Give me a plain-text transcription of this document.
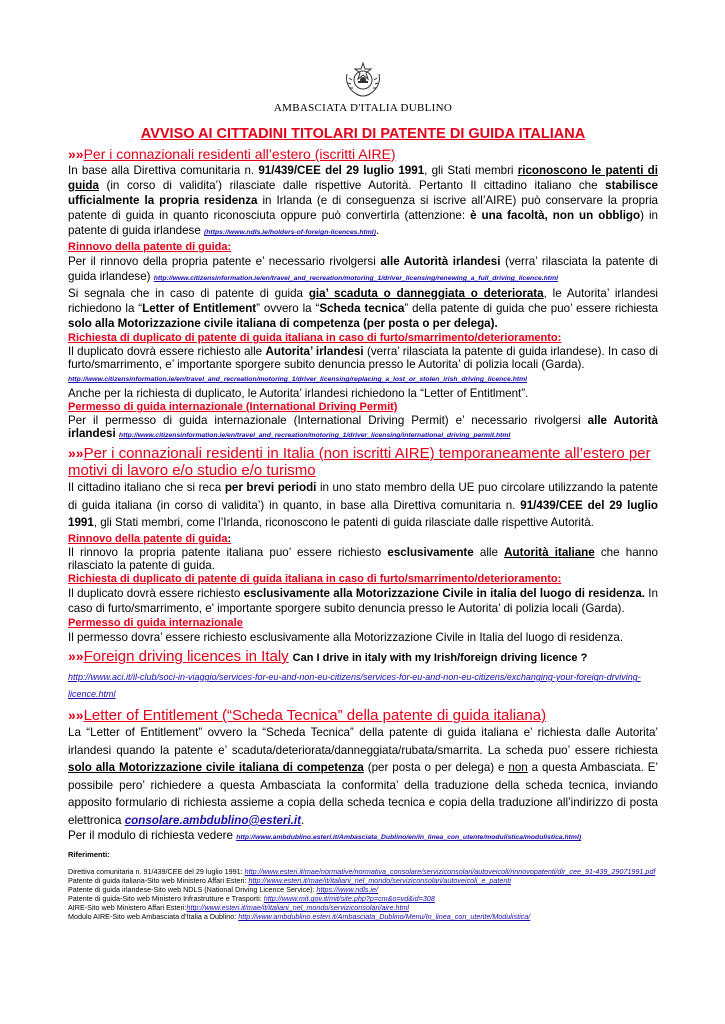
AMBASCIATA D'ITALIA DUBLINO
AVVISO AI CITTADINI TITOLARI DI PATENTE DI GUIDA ITALIANA
»»Per i connazionali residenti all’estero (iscritti AIRE)

In base alla Direttiva comunitaria n. 91/439/CEE del 29 luglio 1991, gli Stati membri riconoscono le patenti di guida (in corso di validita’) rilasciate dalle rispettive Autorità. Pertanto Il cittadino italiano che stabilisce ufficialmente la propria residenza in Irlanda (e di conseguenza si iscrive all’AIRE) può conservare la propria patente di guida in quanto riconosciuta oppure può convertirla (attenzione: è una facoltà, non un obbligo) in patente di guida irlandese (https://www.ndls.ie/holders-of-foreign-licences.html).

Rinnovo della patente di guida:

Per il rinnovo della propria patente e’ necessario rivolgersi alle Autorità irlandesi (verra’ rilasciata la patente di guida irlandese) http://www.citizensinformation.ie/en/travel_and_recreation/motoring_1/driver_licensing/renewing_a_full_driving_licence.html

Si segnala che in caso di patente di guida gia’ scaduta o danneggiata o deteriorata, le Autorita’ irlandesi richiedono la “Letter of Entitlement” ovvero la “Scheda tecnica” della patente di guida che puo’ essere richiesta solo alla Motorizzazione civile italiana di competenza (per posta o per delega).

Richiesta di duplicato di patente di guida italiana in caso di furto/smarrimento/deterioramento:

Il duplicato dovrà essere richiesto alle Autorita’ irlandesi (verra’ rilasciata la patente di guida irlandese). In caso di furto/smarrimento, e’ importante sporgere subito denuncia presso le Autorita’ di polizia locali (Garda).
http://www.citizensinformation.ie/en/travel_and_recreation/motoring_1/driver_licensing/replacing_a_lost_or_stolen_irish_driving_licence.html

Anche per la richiesta di duplicato, le Autorita’ irlandesi richiedono la “Letter of Entitlment”.

Permesso di guida internazionale (International Driving Permit)

Per il permesso di guida internazionale (International Driving Permit) e’ necessario rivolgersi alle Autorità irlandesi http://www.citizensinformation.ie/en/travel_and_recreation/motoring_1/driver_licensing/international_driving_permit.html

»»Per i connazionali residenti in Italia (non iscritti AIRE) temporaneamente all’estero per motivi di lavoro e/o studio e/o turismo

Il cittadino italiano che si reca per brevi periodi in uno stato membro della UE puo circolare utilizzando la patente di guida italiana (in corso di validita’) in quanto, in base alla Direttiva comunitaria n. 91/439/CEE del 29 luglio 1991, gli Stati membri, come l’Irlanda, riconoscono le patenti di guida rilasciate dalle rispettive Autorità.

Rinnovo della patente di guida:

Il rinnovo la propria patente italiana puo’ essere richiesto esclusivamente alle Autorità italiane che hanno rilasciato la patente di guida.

Richiesta di duplicato di patente di guida italiana in caso di furto/smarrimento/deterioramento:

Il duplicato dovrà essere richiesto esclusivamente alla Motorizzazione Civile in italia del luogo di residenza. In caso di furto/smarrimento, e' importante sporgere subito denuncia presso le Autorita’ di polizia locali (Garda).

Permesso di guida internazionale

Il permesso dovra’ essere richiesto esclusivamente alla Motorizzazione Civile in Italia del luogo di residenza.

»»Foreign driving licences in Italy Can I drive in italy with my Irish/foreign driving licence ?
http://www.aci.it/il-club/soci-in-viaggio/services-for-eu-and-non-eu-citizens/services-for-eu-and-non-eu-citizens/exchanging-your-foreign-drviving-licence.html
»»Letter of Entitlement (“Scheda Tecnica” della patente di guida italiana)

La “Letter of Entitlement” ovvero la “Scheda Tecnica” della patente di guida italiana e’ richiesta dalle Autorita’ irlandesi quando la patente e’ scaduta/deteriorata/danneggiata/rubata/smarrita. La scheda puo’ essere richiesta solo alla Motorizzazione civile italiana di competenza (per posta o per delega) e non a questa Ambasciata. E’ possibile pero’ richiedere a questa Ambasciata la conformita’ della traduzione della scheda tecnica, inviando apposito formulario di richiesta assieme a copia della scheda tecnica e copia della traduzione all’indirizzo di posta elettronica consolare.ambdublino@esteri.it.

Per il modulo di richiesta vedere http://www.ambdublino.esteri.it/Ambasciata_Dublino/en/in_linea_con_utente/modulistica/modulistica.html)

Riferimenti:
Direttiva comunitaria n. 91/439/CEE del 29 luglio 1991: http://www.esteri.it/mae/normative/normativa_consolare/serviziconsolari/autoveicoli/rinnovopatenti/dir_cee_91-439_29071991.pdf
Patente di guida italiana-Sito web Ministero Affari Esteri: http://www.esteri.it/mae/it/italiani_nel_mondo/serviziconsolari/autoveicoli_e_patenti
Patente di guida irlandese-Sito web NDLS (National Driving Licence Service): https://www.ndls.ie/
Patente di guida-Sito web Ministero Infrastrutture e Trasporti: http://www.mit.gov.it/mit/site.php?p=cm&o=vd&id=308
AIRE-Sito web Ministero Affari Esteri:http://www.esteri.it/mae/it/italiani_nel_mondo/serviziconsolari/aire.html
Modulo AIRE-Sito web Ambasciata d’Italia a Dublino: http://www.ambdublino.esteri.it/Ambasciata_Dublino/Menu/In_linea_con_utente/Modulistica/
